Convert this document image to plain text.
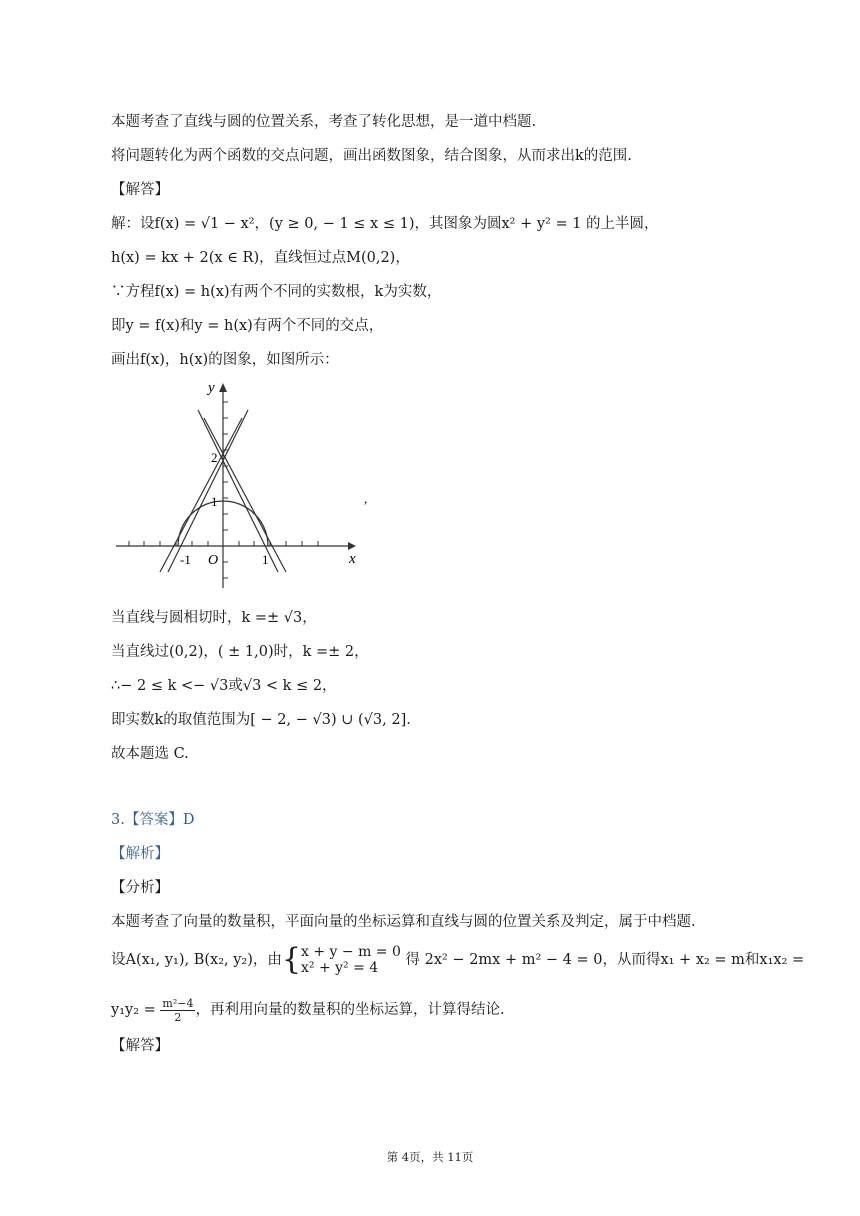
本题考查了直线与圆的位置关系，考查了转化思想，是一道中档题.
将问题转化为两个函数的交点问题，画出函数图象，结合图象，从而求出k的范围.
【解答】
解：设f(x) = √1 − x²，(y ≥ 0, − 1 ≤ x ≤ 1)，其图象为圆x² + y² = 1 的上半圆，
h(x) = kx + 2(x ∈ R)，直线恒过点M(0,2)，
∵方程f(x) = h(x)有两个不同的实数根，k为实数，
即y = f(x)和y = h(x)有两个不同的交点，
画出f(x)，h(x)的图象，如图所示：
y
x
O
-1	1
1
2
,
当直线与圆相切时，k =± √3，
当直线过(0,2)，( ± 1,0)时，k =± 2，
∴− 2 ≤ k <− √3或√3 < k ≤ 2，
即实数k的取值范围为[ − 2, − √3) ∪ (√3, 2].
故本题选 C.
3.【答案】D
【解析】
【分析】
本题考查了向量的数量积，平面向量的坐标运算和直线与圆的位置关系及判定，属于中档题.
设A(x₁, y₁), B(x₂, y₂)，由{ x + y − m = 0
x² + y² = 4	得 2x² − 2mx + m² − 4 = 0，从而得x₁ + x₂ = m和x₁x₂ =
$y_1y_2 = \frac{\text{m²−4}}{2}$ ，再利用向量的数量积的坐标运算，计算得结论.
【解答】
第 4页，共 11页
